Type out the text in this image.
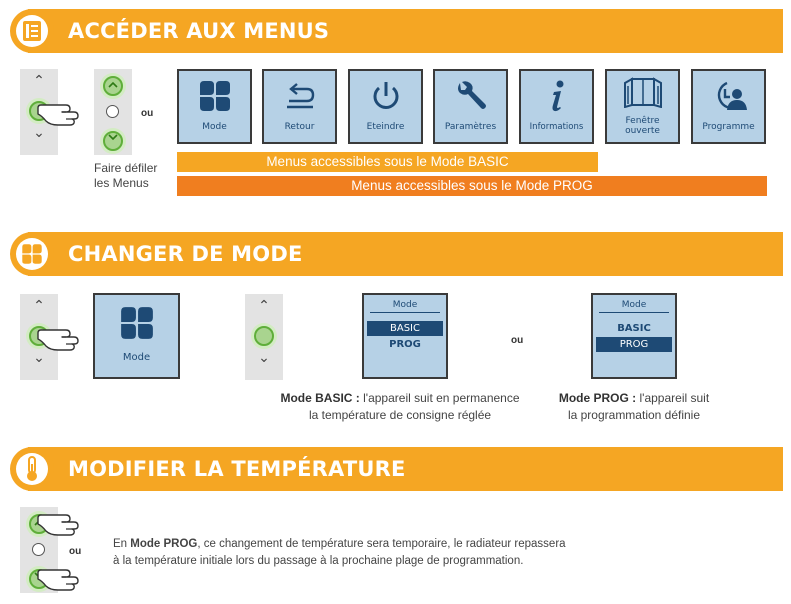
ACCÉDER AUX MENUS
⌃
⌄
ou
Faire défiler
les Menus
Mode	Retour	Eteindre	Paramètres	Informations
Fenêtre
ouverte	Programme
Menus accessibles sous le Mode BASIC
Menus accessibles sous le Mode PROG
CHANGER DE MODE
⌃
⌄	Mode
⌃
⌄
Mode
BASIC
PROG	ou
Mode
BASIC
PROG
Mode BASIC : l'appareil suit en permanence
la température de consigne réglée
Mode PROG : l'appareil suit
la programmation définie
MODIFIER LA TEMPÉRATURE
ou
En Mode PROG, ce changement de température sera temporaire, le radiateur repassera
à la température initiale lors du passage à la prochaine plage de programmation.
